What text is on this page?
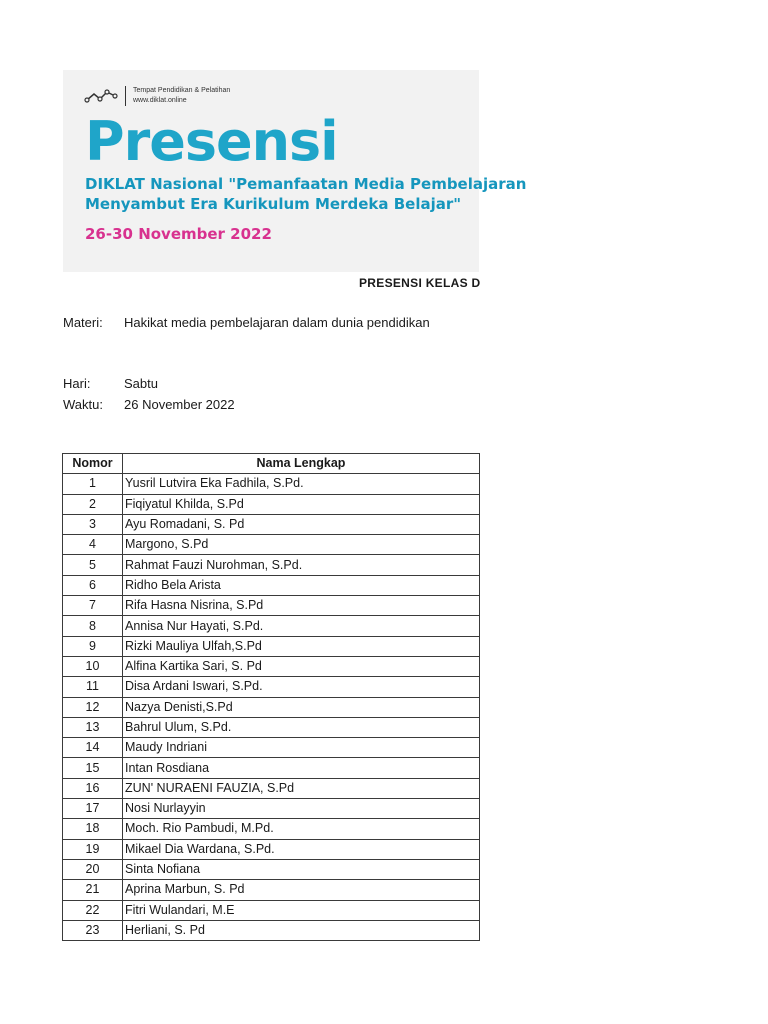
Tempat Pendidikan & Pelatihan
www.diklat.online
Presensi
DIKLAT Nasional "Pemanfaatan Media Pembelajaran
Menyambut Era Kurikulum Merdeka Belajar"
26-30 November 2022
PRESENSI KELAS D
Materi: Hakikat media pembelajaran dalam dunia pendidikan
Hari:	Sabtu
Waktu: 26 November 2022
Nomor	Nama Lengkap
1	Yusril Lutvira Eka Fadhila, S.Pd.
2	Fiqiyatul Khilda, S.Pd
3	Ayu Romadani, S. Pd
4	Margono, S.Pd
5	Rahmat Fauzi Nurohman, S.Pd.
6	Ridho Bela Arista
7	Rifa Hasna Nisrina, S.Pd
8	Annisa Nur Hayati, S.Pd.
9	Rizki Mauliya Ulfah,S.Pd
10	Alfina Kartika Sari, S. Pd
11	Disa Ardani Iswari, S.Pd.
12	Nazya Denisti,S.Pd
13	Bahrul Ulum, S.Pd.
14	Maudy Indriani
15	Intan Rosdiana
16	ZUN' NURAENI FAUZIA, S.Pd
17	Nosi Nurlayyin
18	Moch. Rio Pambudi, M.Pd.
19	Mikael Dia Wardana, S.Pd.
20	Sinta Nofiana
21	Aprina Marbun, S. Pd
22	Fitri Wulandari, M.E
23	Herliani, S. Pd
